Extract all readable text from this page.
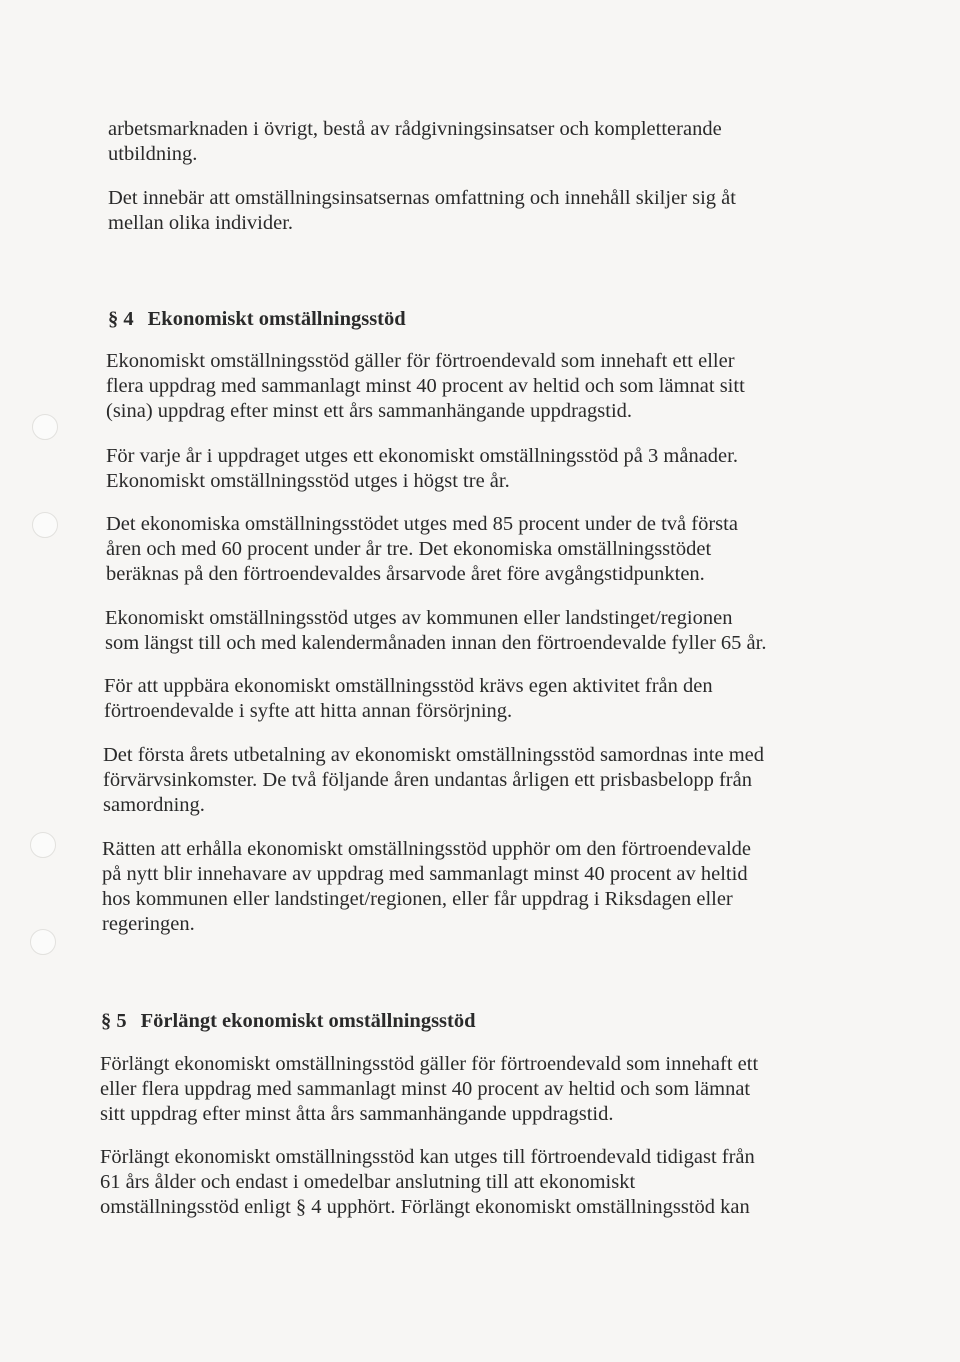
arbetsmarknaden i övrigt, bestå av rådgivningsinsatser och kompletterande
utbildning.

Det innebär att omställningsinsatsernas omfattning och innehåll skiljer sig åt
mellan olika individer.

§ 4 Ekonomiskt omställningsstöd

Ekonomiskt omställningsstöd gäller för förtroendevald som innehaft ett eller
flera uppdrag med sammanlagt minst 40 procent av heltid och som lämnat sitt
(sina) uppdrag efter minst ett års sammanhängande uppdragstid.

För varje år i uppdraget utges ett ekonomiskt omställningsstöd på 3 månader.
Ekonomiskt omställningsstöd utges i högst tre år.

Det ekonomiska omställningsstödet utges med 85 procent under de två första
åren och med 60 procent under år tre. Det ekonomiska omställningsstödet
beräknas på den förtroendevaldes årsarvode året före avgångstidpunkten.

Ekonomiskt omställningsstöd utges av kommunen eller landstinget/regionen
som längst till och med kalendermånaden innan den förtroendevalde fyller 65 år.

För att uppbära ekonomiskt omställningsstöd krävs egen aktivitet från den
förtroendevalde i syfte att hitta annan försörjning.

Det första årets utbetalning av ekonomiskt omställningsstöd samordnas inte med
förvärvsinkomster. De två följande åren undantas årligen ett prisbasbelopp från
samordning.

Rätten att erhålla ekonomiskt omställningsstöd upphör om den förtroendevalde
på nytt blir innehavare av uppdrag med sammanlagt minst 40 procent av heltid
hos kommunen eller landstinget/regionen, eller får uppdrag i Riksdagen eller
regeringen.

§ 5 Förlängt ekonomiskt omställningsstöd

Förlängt ekonomiskt omställningsstöd gäller för förtroendevald som innehaft ett
eller flera uppdrag med sammanlagt minst 40 procent av heltid och som lämnat
sitt uppdrag efter minst åtta års sammanhängande uppdragstid.

Förlängt ekonomiskt omställningsstöd kan utges till förtroendevald tidigast från
61 års ålder och endast i omedelbar anslutning till att ekonomiskt
omställningsstöd enligt § 4 upphört. Förlängt ekonomiskt omställningsstöd kan
